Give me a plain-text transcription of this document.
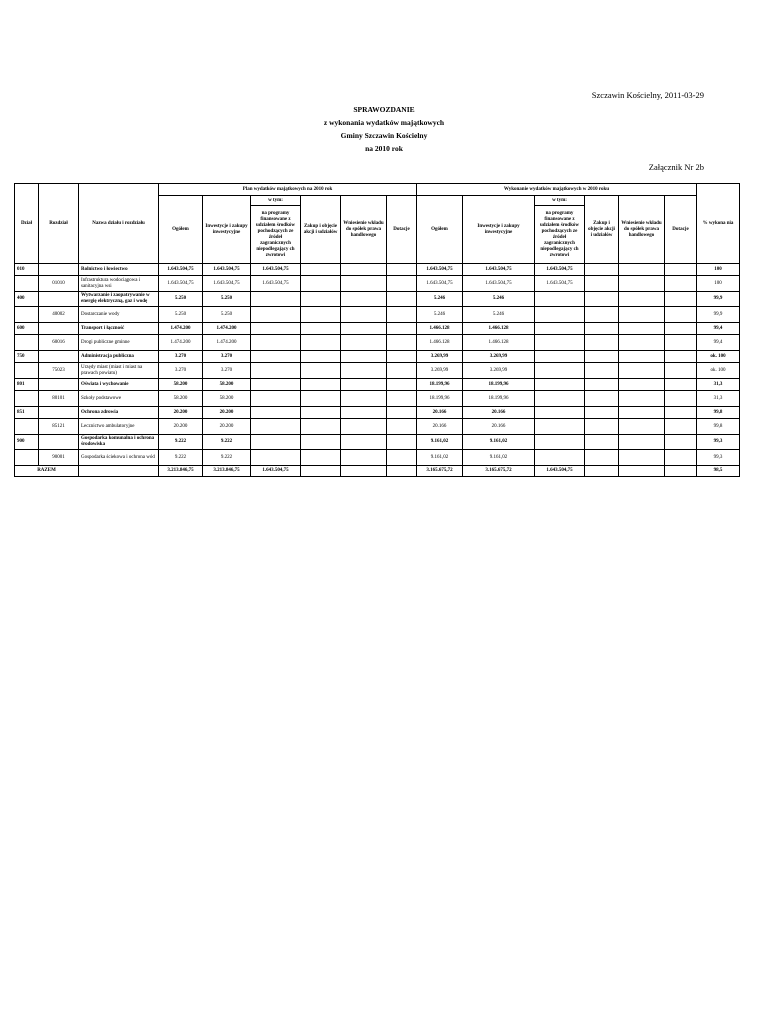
Szczawin Kościelny, 2011-03-29
SPRAWOZDANIE
z wykonania wydatków majątkowych
Gminy Szczawin Kościelny
na 2010 rok
Załącznik Nr 2b
Dział	Rozdział	Nazwa działu i rozdziału	Plan wydatków majątkowych na 2010 rok						Wykonanie wydatków majątkowych w 2010 roku						% wykona nia
			Ogółem	Inwestycje i zakupy inwestycyjne	w tym:	Zakup i objęcie akcji i udziałów	Wniesienie wkładu do spółek prawa handlowego	Dotacje	Ogółem	Inwestycje i zakupy inwestycyjne	w tym:	Zakup i objęcie akcji i udziałów	Wniesienie wkładu do spółek prawa handlowego	Dotacje	
					na programy finansowane z udziałem środków pochodzących ze źródeł zagranicznych niepodlegający ch zwrotowi						na programy finansowane z udziałem środków pochodzących ze źródeł zagranicznych niepodlegający ch zwrotowi				
010		Rolnictwo i łowiectwo	1.643.504,75	1.643.504,75	1.643.504,75				1.643.504,75	1.643.504,75	1.643.504,75				100
	01010	Infrastruktura wodociągowa i sanitacyjna wsi	1.643.504,75	1.643.504,75	1.643.504,75				1.643.504,75	1.643.504,75	1.643.504,75				100
400		Wytwarzanie i zaopatrywanie w energię elektryczną, gaz i wodę	5.250	5.250					5.246	5.246					99,9
	40002	Dostarczanie wody	5.250	5.250					5.246	5.246					99,9
600		Transport i łączność	1.474.200	1.474.200					1.466.128	1.466.128					99,4
	60016	Drogi publiczne gminne	1.474.200	1.474.200					1.466.128	1.466.128					99,4
750		Administracja publiczna	3.270	3.270					3.269,99	3.269,99					ok. 100
	75023	Urzędy miast (miast i miast na prawach powiatu)	3.270	3.270					3.269,99	3.269,99					ok. 100
801		Oświata i wychowanie	58.200	58.200					18.199,96	18.199,96					31,3
	80101	Szkoły podstawowe	58.200	58.200					18.199,96	18.199,96					31,3
851		Ochrona zdrowia	20.200	20.200					20.166	20.166					99,8
	85121	Lecznictwo ambulatoryjne	20.200	20.200					20.166	20.166					99,8
900		Gospodarka komunalna i ochrona środowiska	9.222	9.222					9.161,02	9.161,02					99,3
	90001	Gospodarka ściekowa i ochrona wód	9.222	9.222					9.161,02	9.161,02					99,3
RAZEM			3.213.846,75	3.213.846,75	1.643.504,75				3.165.675,72	3.165.675,72	1.643.504,75				98,5
